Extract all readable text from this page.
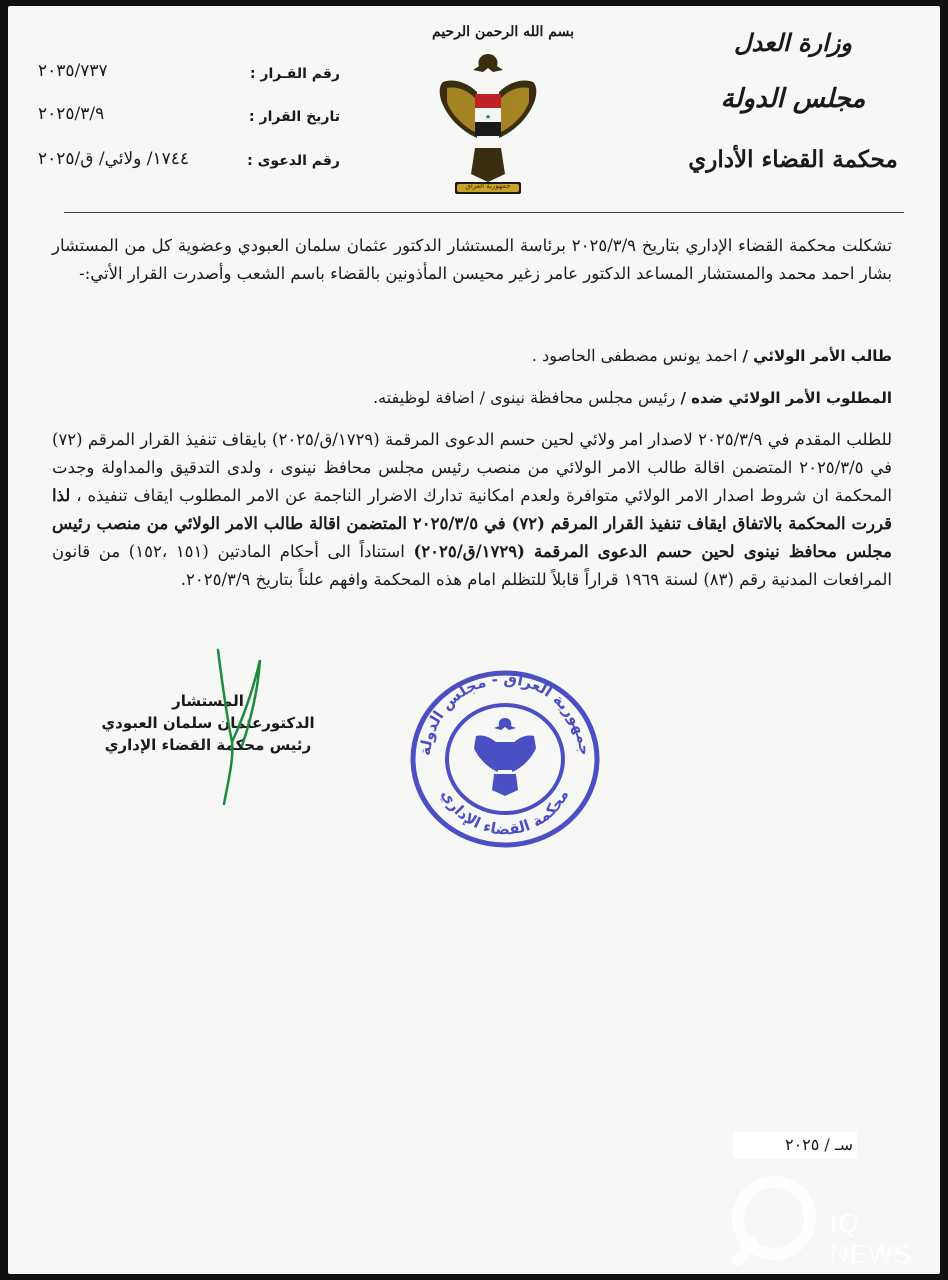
بسم الله الرحمن الرحيم	وزارة العدل
مجلس الدولة
محكمة القضاء الأداري
★
جمهورية العراق
رقم القـرار :
٢٠٣٥/٧٣٧
تاريخ القرار :
٢٠٢٥/٣/٩
رقم الدعوى :
١٧٤٤/ ولائي/ ق/٢٠٢٥
تشكلت محكمة القضاء الإداري بتاريخ ٢٠٢٥/٣/٩ برئاسة المستشار الدكتور عثمان سلمان العبودي وعضوية كل من المستشار بشار احمد محمد والمستشار المساعد الدكتور عامر زغير محيسن المأذونين بالقضاء باسم الشعب وأصدرت القرار الأتي:-
طالب الأمر الولائي / احمد يونس مصطفى الحاصود .
المطلوب الأمر الولائي ضده / رئيس مجلس محافظة نينوى / اضافة لوظيفته.
للطلب المقدم في ٢٠٢٥/٣/٩ لاصدار امر ولائي لحين حسم الدعوى المرقمة (١٧٢٩/ق/٢٠٢٥) بايقاف تنفيذ القرار المرقم (٧٢) في ٢٠٢٥/٣/٥ المتضمن اقالة طالب الامر الولائي من منصب رئيس مجلس محافظ نينوى ، ولدى التدقيق والمداولة وجدت المحكمة ان شروط اصدار الامر الولائي متوافرة ولعدم امكانية تدارك الاضرار الناجمة عن الامر المطلوب ايقاف تنفيذه ، لذا قررت المحكمة بالاتفاق ايقاف تنفيذ القرار المرقم (٧٢) في ٢٠٢٥/٣/٥ المتضمن اقالة طالب الامر الولائي من منصب رئيس مجلس محافظ نينوى لحين حسم الدعوى المرقمة (١٧٢٩/ق/٢٠٢٥) استناداً الى أحكام المادتين (١٥١ ،١٥٢) من قانون المرافعات المدنية رقم (٨٣) لسنة ١٩٦٩ قراراً قابلاً للتظلم امام هذه المحكمة وافهم علناً بتاريخ ٢٠٢٥/٣/٩.
المستشار
الدكتورعثمان سلمان العبودي
رئيس محكمة القضاء الإداري	جمهورية العراق - مجلس الدولة
محكمة القضاء الإداري
سـ / ٢٠٢٥
IQ NEWS
